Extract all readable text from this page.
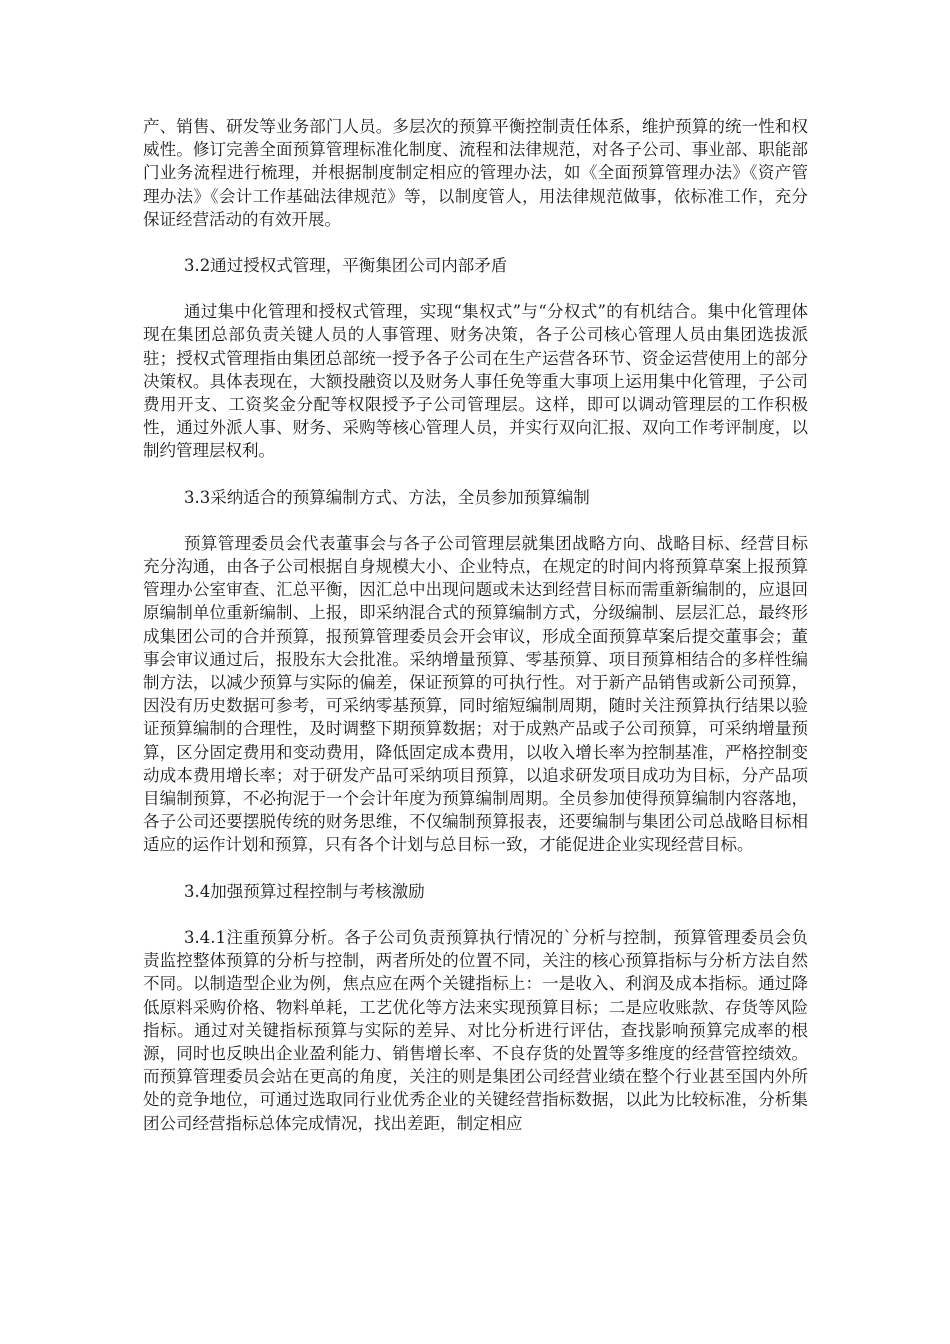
产、销售、研发等业务部门人员。多层次的预算平衡控制责任体系，维护预算的统一性和权威性。修订完善全面预算管理标准化制度、流程和法律规范，对各子公司、事业部、职能部门业务流程进行梳理，并根据制度制定相应的管理办法，如《全面预算管理办法》《资产管理办法》《会计工作基础法律规范》等，以制度管人，用法律规范做事，依标准工作，充分保证经营活动的有效开展。

3.2通过授权式管理，平衡集团公司内部矛盾

通过集中化管理和授权式管理，实现“集权式”与“分权式”的有机结合。集中化管理体现在集团总部负责关键人员的人事管理、财务决策，各子公司核心管理人员由集团选拔派驻；授权式管理指由集团总部统一授予各子公司在生产运营各环节、资金运营使用上的部分决策权。具体表现在，大额投融资以及财务人事任免等重大事项上运用集中化管理，子公司费用开支、工资奖金分配等权限授予子公司管理层。这样，即可以调动管理层的工作积极性，通过外派人事、财务、采购等核心管理人员，并实行双向汇报、双向工作考评制度，以制约管理层权利。

3.3采纳适合的预算编制方式、方法，全员参加预算编制

预算管理委员会代表董事会与各子公司管理层就集团战略方向、战略目标、经营目标充分沟通，由各子公司根据自身规模大小、企业特点，在规定的时间内将预算草案上报预算管理办公室审查、汇总平衡，因汇总中出现问题或未达到经营目标而需重新编制的，应退回原编制单位重新编制、上报，即采纳混合式的预算编制方式，分级编制、层层汇总，最终形成集团公司的合并预算，报预算管理委员会开会审议，形成全面预算草案后提交董事会；董事会审议通过后，报股东大会批准。采纳增量预算、零基预算、项目预算相结合的多样性编制方法，以减少预算与实际的偏差，保证预算的可执行性。对于新产品销售或新公司预算，因没有历史数据可参考，可采纳零基预算，同时缩短编制周期，随时关注预算执行结果以验证预算编制的合理性，及时调整下期预算数据；对于成熟产品或子公司预算，可采纳增量预算，区分固定费用和变动费用，降低固定成本费用，以收入增长率为控制基准，严格控制变动成本费用增长率；对于研发产品可采纳项目预算，以追求研发项目成功为目标，分产品项目编制预算，不必拘泥于一个会计年度为预算编制周期。全员参加使得预算编制内容落地，各子公司还要摆脱传统的财务思维，不仅编制预算报表，还要编制与集团公司总战略目标相适应的运作计划和预算，只有各个计划与总目标一致，才能促进企业实现经营目标。

3.4加强预算过程控制与考核激励

3.4.1注重预算分析。各子公司负责预算执行情况的`分析与控制，预算管理委员会负责监控整体预算的分析与控制，两者所处的位置不同，关注的核心预算指标与分析方法自然不同。以制造型企业为例，焦点应在两个关键指标上：一是收入、利润及成本指标。通过降低原料采购价格、物料单耗，工艺优化等方法来实现预算目标；二是应收账款、存货等风险指标。通过对关键指标预算与实际的差异、对比分析进行评估，查找影响预算完成率的根源，同时也反映出企业盈利能力、销售增长率、不良存货的处置等多维度的经营管控绩效。而预算管理委员会站在更高的角度，关注的则是集团公司经营业绩在整个行业甚至国内外所处的竞争地位，可通过选取同行业优秀企业的关键经营指标数据，以此为比较标准，分析集团公司经营指标总体完成情况，找出差距，制定相应
